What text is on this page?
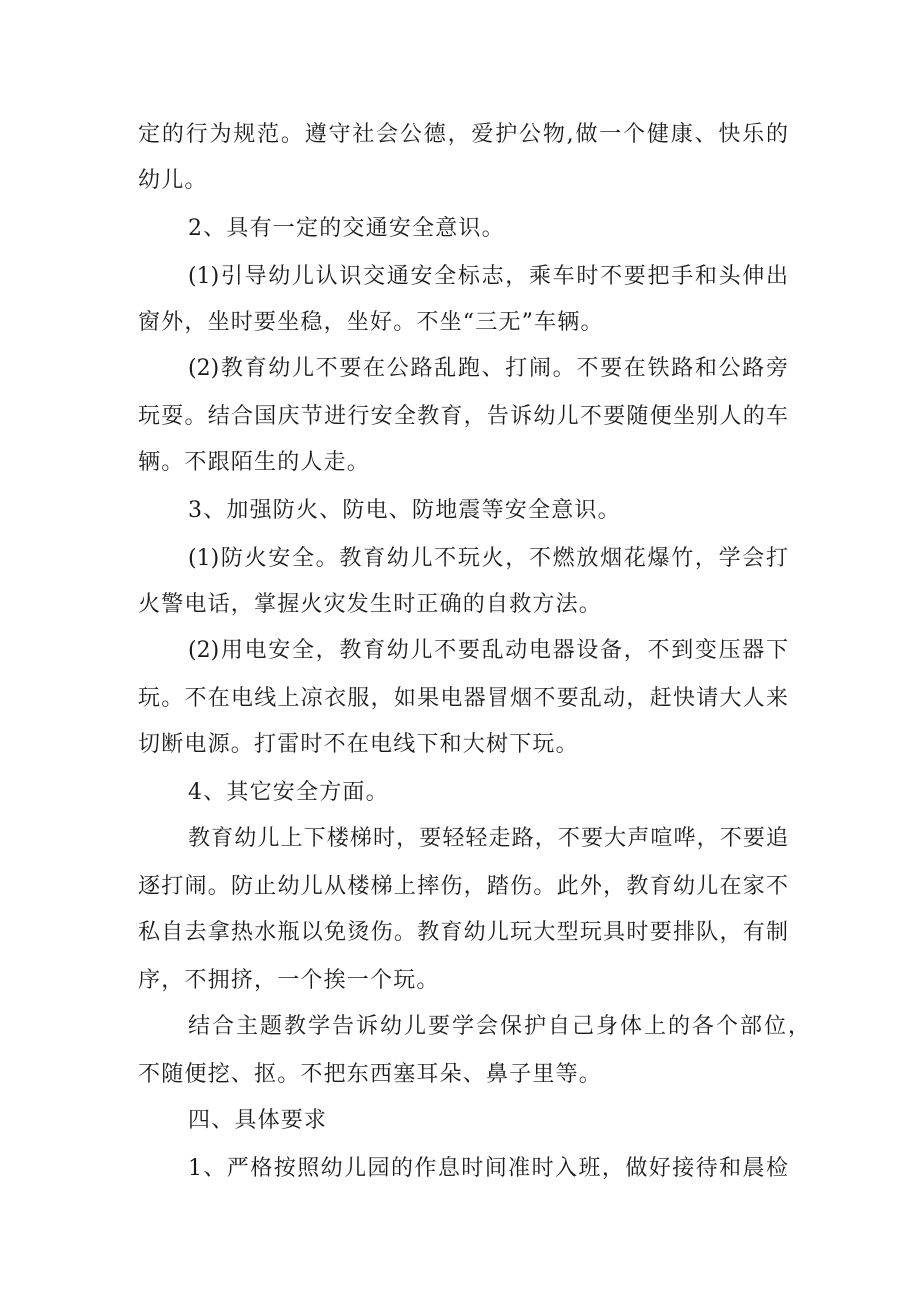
定的行为规范。遵守社会公德，爱护公物,做一个健康、快乐的
幼儿。
2、具有一定的交通安全意识。
(1)引导幼儿认识交通安全标志，乘车时不要把手和头伸出
窗外，坐时要坐稳，坐好。不坐“三无”车辆。
(2)教育幼儿不要在公路乱跑、打闹。不要在铁路和公路旁
玩耍。结合国庆节进行安全教育，告诉幼儿不要随便坐别人的车
辆。不跟陌生的人走。
3、加强防火、防电、防地震等安全意识。
(1)防火安全。教育幼儿不玩火，不燃放烟花爆竹，学会打
火警电话，掌握火灾发生时正确的自救方法。
(2)用电安全，教育幼儿不要乱动电器设备，不到变压器下
玩。不在电线上凉衣服，如果电器冒烟不要乱动，赶快请大人来
切断电源。打雷时不在电线下和大树下玩。
4、其它安全方面。
教育幼儿上下楼梯时，要轻轻走路，不要大声喧哗，不要追
逐打闹。防止幼儿从楼梯上摔伤，踏伤。此外，教育幼儿在家不
私自去拿热水瓶以免烫伤。教育幼儿玩大型玩具时要排队，有制
序，不拥挤，一个挨一个玩。
结合主题教学告诉幼儿要学会保护自己身体上的各个部位，
不随便挖、抠。不把东西塞耳朵、鼻子里等。
四、具体要求
1、严格按照幼儿园的作息时间准时入班，做好接待和晨检
